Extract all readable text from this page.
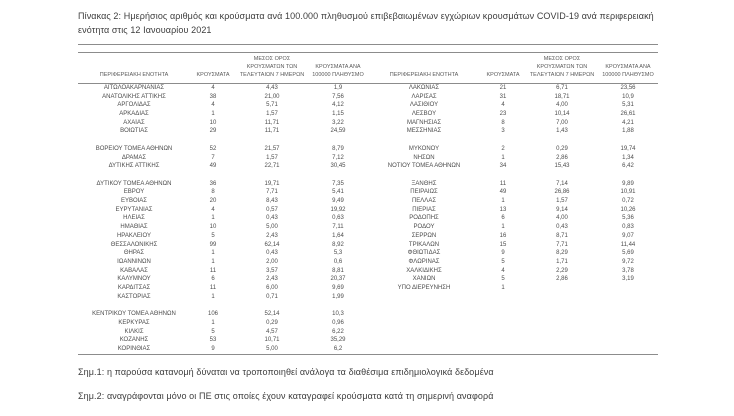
Πίνακας 2: Ημερήσιος αριθμός και κρούσματα ανά 100.000 πληθυσμού επιβεβαιωμένων εγχώριων κρουσμάτων COVID-19 ανά περιφερειακή ενότητα στις 12 Ιανουαρίου 2021
ΠΕΡΙΦΕΡΕΙΑΚΗ ΕΝΟΤΗΤΑ	ΚΡΟΥΣΜΑΤΑ	ΜΕΣΟΣ ΟΡΟΣ ΚΡΟΥΣΜΑΤΩΝ ΤΩΝ ΤΕΛΕΥΤΑΙΩΝ 7 ΗΜΕΡΩΝ	ΚΡΟΥΣΜΑΤΑ ΑΝΑ 100000 ΠΛΗΘΥΣΜΟ	ΠΕΡΙΦΕΡΕΙΑΚΗ ΕΝΟΤΗΤΑ	ΚΡΟΥΣΜΑΤΑ	ΜΕΣΟΣ ΟΡΟΣ ΚΡΟΥΣΜΑΤΩΝ ΤΩΝ ΤΕΛΕΥΤΑΙΩΝ 7 ΗΜΕΡΩΝ	ΚΡΟΥΣΜΑΤΑ ΑΝΑ 100000 ΠΛΗΘΥΣΜΟ
ΑΙΤΩΛΟΑΚΑΡΝΑΝΙΑΣ	4	4,43	1,9	ΛΑΚΩΝΙΑΣ	21	6,71	23,56
ΑΝΑΤΟΛΙΚΗΣ ΑΤΤΙΚΗΣ	38	21,00	7,56	ΛΑΡΙΣΑΣ	31	18,71	10,9
ΑΡΓΟΛΙΔΑΣ	4	5,71	4,12	ΛΑΣΙΘΙΟΥ	4	4,00	5,31
ΑΡΚΑΔΙΑΣ	1	1,57	1,15	ΛΕΣΒΟΥ	23	10,14	26,61
ΑΧΑΪΑΣ	10	11,71	3,22	ΜΑΓΝΗΣΙΑΣ	8	7,00	4,21
ΒΟΙΩΤΙΑΣ	29	11,71	24,59	ΜΕΣΣΗΝΙΑΣ	3	1,43	1,88

ΒΟΡΕΙΟΥ ΤΟΜΕΑ ΑΘΗΝΩΝ	52	21,57	8,79	ΜΥΚΟΝΟΥ	2	0,29	19,74
ΔΡΑΜΑΣ	7	1,57	7,12	ΝΗΣΩΝ	1	2,86	1,34
ΔΥΤΙΚΗΣ ΑΤΤΙΚΗΣ	49	22,71	30,45	ΝΟΤΙΟΥ ΤΟΜΕΑ ΑΘΗΝΩΝ	34	15,43	6,42

ΔΥΤΙΚΟΥ ΤΟΜΕΑ ΑΘΗΝΩΝ	36	19,71	7,35	ΞΑΝΘΗΣ	11	7,14	9,89
ΕΒΡΟΥ	8	7,71	5,41	ΠΕΙΡΑΙΩΣ	49	26,86	10,91
ΕΥΒΟΙΑΣ	20	8,43	9,49	ΠΕΛΛΑΣ	1	1,57	0,72
ΕΥΡΥΤΑΝΙΑΣ	4	0,57	19,92	ΠΙΕΡΙΑΣ	13	9,14	10,26
ΗΛΕΙΑΣ	1	0,43	0,63	ΡΟΔΟΠΗΣ	6	4,00	5,36
ΗΜΑΘΙΑΣ	10	5,00	7,11	ΡΟΔΟΥ	1	0,43	0,83
ΗΡΑΚΛΕΙΟΥ	5	2,43	1,64	ΣΕΡΡΩΝ	16	8,71	9,07
ΘΕΣΣΑΛΟΝΙΚΗΣ	99	62,14	8,92	ΤΡΙΚΑΛΩΝ	15	7,71	11,44
ΘΗΡΑΣ	1	0,43	5,3	ΦΘΙΩΤΙΔΑΣ	9	8,29	5,69
ΙΩΑΝΝΙΝΩΝ	1	2,00	0,6	ΦΛΩΡΙΝΑΣ	5	1,71	9,72
ΚΑΒΑΛΑΣ	11	3,57	8,81	ΧΑΛΚΙΔΙΚΗΣ	4	2,29	3,78
ΚΑΛΥΜΝΟΥ	6	2,43	20,37	ΧΑΝΙΩΝ	5	2,86	3,19
ΚΑΡΔΙΤΣΑΣ	11	6,00	9,69	ΥΠΟ ΔΙΕΡΕΥΝΗΣΗ	1		
ΚΑΣΤΟΡΙΑΣ	1	0,71	1,99				

ΚΕΝΤΡΙΚΟΥ ΤΟΜΕΑ ΑΘΗΝΩΝ	106	52,14	10,3				
ΚΕΡΚΥΡΑΣ	1	0,29	0,96				
ΚΙΛΚΙΣ	5	4,57	6,22				
ΚΟΖΑΝΗΣ	53	10,71	35,29				
ΚΟΡΙΝΘΙΑΣ	9	5,00	6,2				
Σημ.1: η παρούσα κατανομή δύναται να τροποποιηθεί ανάλογα τα διαθέσιμα επιδημιολογικά δεδομένα
Σημ.2: αναγράφονται μόνο οι ΠΕ στις οποίες έχουν καταγραφεί κρούσματα κατά τη σημερινή αναφορά
